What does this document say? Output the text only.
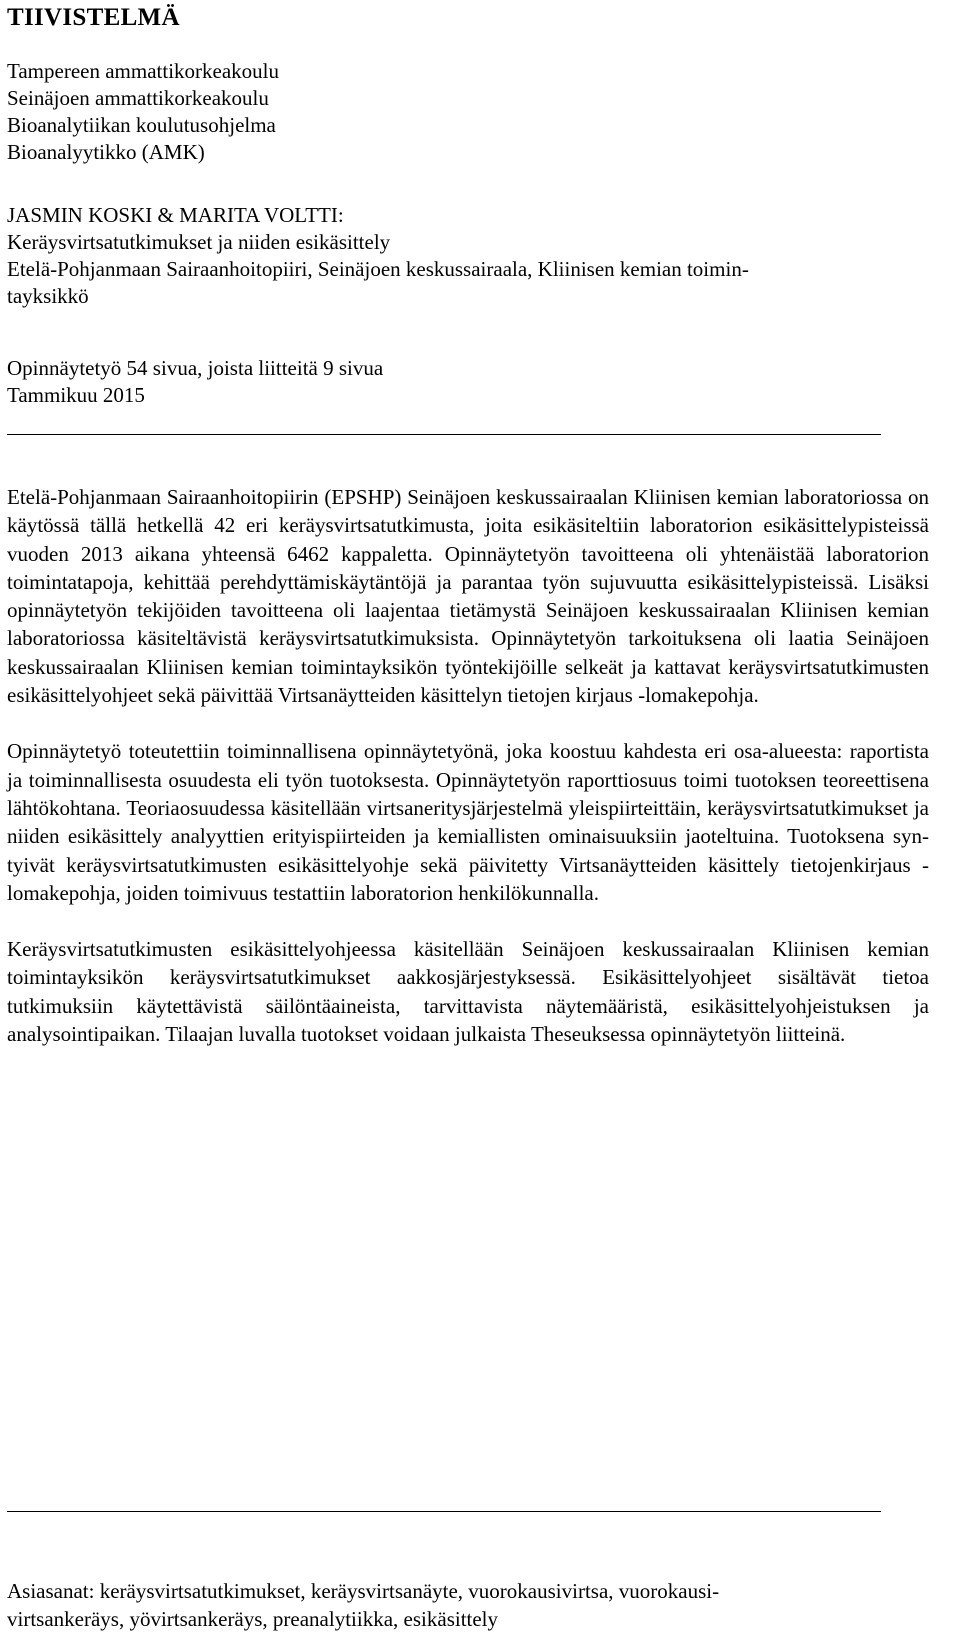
TIIVISTELMÄ
Tampereen ammattikorkeakoulu
Seinäjoen ammattikorkeakoulu
Bioanalytiikan koulutusohjelma
Bioanalyytikko (AMK)
JASMIN KOSKI & MARITA VOLTTI:
Keräysvirtsatutkimukset ja niiden esikäsittely
Etelä-Pohjanmaan Sairaanhoitopiiri, Seinäjoen keskussairaala, Kliinisen kemian toimin-
tayksikkö
Opinnäytetyö 54 sivua, joista liitteitä 9 sivua
Tammikuu 2015

Etelä-Pohjanmaan Sairaanhoitopiirin (EPSHP) Seinäjoen keskussairaalan Kliinisen kemian laboratoriossa on käytössä tällä hetkellä 42 eri keräysvirtsatutkimusta, joita esikäsiteltiin laboratorion esikäsittelypisteissä vuoden 2013 aikana yhteensä 6462 kappaletta. Opinnäytetyön tavoitteena oli yhtenäistää laboratorion toimintatapoja, kehittää perehdyttämiskäytäntöjä ja parantaa työn sujuvuutta esikäsittelypisteissä. Lisäksi opinnäytetyön tekijöiden tavoitteena oli laajentaa tietämystä Seinäjoen keskussairaalan Kliinisen kemian laboratoriossa käsiteltävistä keräysvirtsatutkimuksista. Opinnäytetyön tarkoituksena oli laatia Seinäjoen keskussairaalan Kliinisen kemian toimintayksikön työntekijöille selkeät ja kattavat keräysvirtsatutkimusten esikäsittelyohjeet sekä päivittää Virtsanäytteiden käsittelyn tietojen kirjaus -lomakepohja.

Opinnäytetyö toteutettiin toiminnallisena opinnäytetyönä, joka koostuu kahdesta eri osa-alueesta: raportista ja toiminnallisesta osuudesta eli työn tuotoksesta. Opinnäytetyön raporttiosuus toimi tuotoksen teoreettisena lähtökohtana. Teoriaosuudessa käsitellään virtsaneritysjärjestelmä yleispiirteittäin, keräysvirtsatutkimukset ja niiden esikäsittely analyyttien erityispiirteiden ja kemiallisten ominaisuuksiin jaoteltuina. Tuotoksena syntyivät keräysvirtsatutkimusten esikäsittelyohje sekä päivitetty Virtsanäytteiden käsittely tietojenkirjaus -lomakepohja, joiden toimivuus testattiin laboratorion henkilökunnalla.

Keräysvirtsatutkimusten esikäsittelyohjeessa käsitellään Seinäjoen keskussairaalan Kliinisen kemian toimintayksikön keräysvirtsatutkimukset aakkosjärjestyksessä. Esikäsittelyohjeet sisältävät tietoa tutkimuksiin käytettävistä säilöntäaineista, tarvittavista näytemääristä, esikäsittelyohjeistuksen ja analysointipaikan. Tilaajan luvalla tuotokset voidaan julkaista Theseuksessa opinnäytetyön liitteinä.

Asiasanat: keräysvirtsatutkimukset, keräysvirtsanäyte, vuorokausivirtsa, vuorokausi-
virtsankeräys, yövirtsankeräys, preanalytiikka, esikäsittely
